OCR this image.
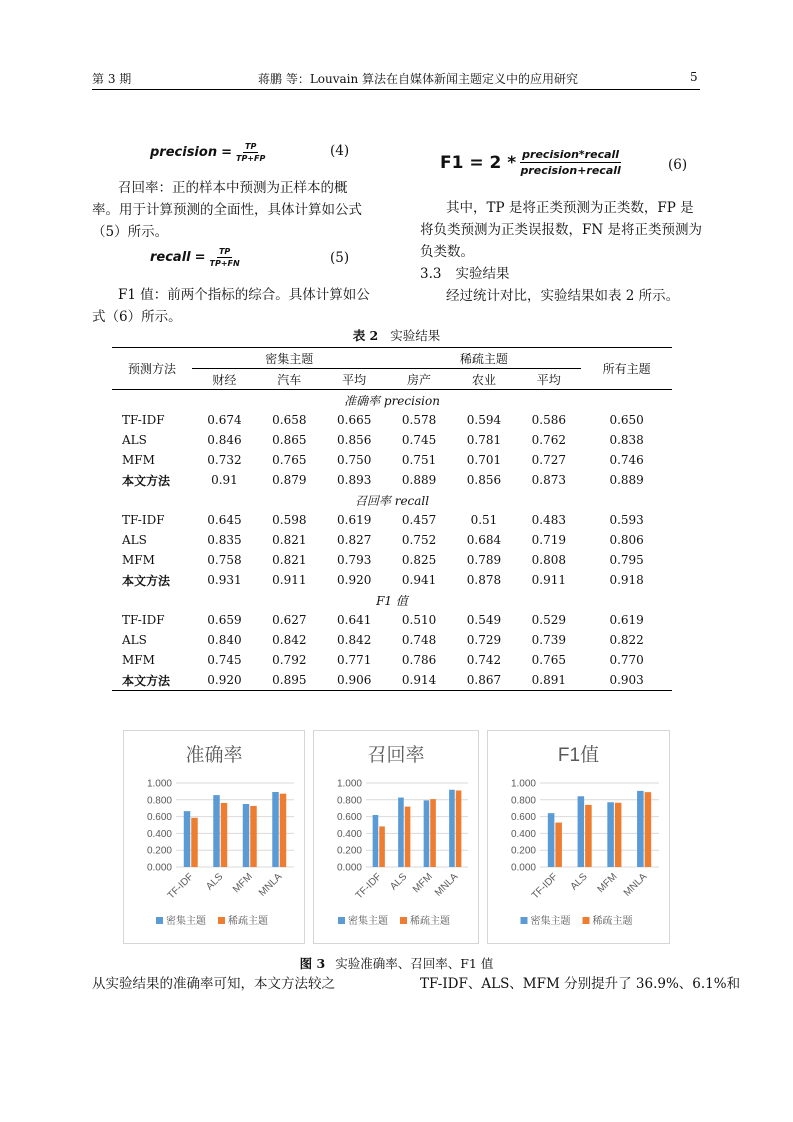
第 3 期	蒋鹏 等：Louvain 算法在自媒体新闻主题定义中的应用研究	5
precision = $\frac{TP}{TP+FP}$	(4)
召回率：正的样本中预测为正样本的概
率。用于计算预测的全面性，具体计算如公式
（5）所示。
recall = $\frac{TP}{TP+FN}$	(5)
F1 值：前两个指标的综合。具体计算如公
式（6）所示。
$F1 = 2 * \frac{\text{precision*recall}}{\text{precision+recall}}$	(6)
其中，TP 是将正类预测为正类数，FP 是
将负类预测为正类误报数，FN 是将正类预测为
负类数。
3.3 实验结果
经过统计对比，实验结果如表 2 所示。
表 2 实验结果
预测方法	密集主题			稀疏主题			所有主题
	财经	汽车	平均	房产	农业	平均	
准确率 precision							
TF-IDF	0.674	0.658	0.665	0.578	0.594	0.586	0.650
ALS	0.846	0.865	0.856	0.745	0.781	0.762	0.838
MFM	0.732	0.765	0.750	0.751	0.701	0.727	0.746
本文方法	0.91	0.879	0.893	0.889	0.856	0.873	0.889
召回率 recall							
TF-IDF	0.645	0.598	0.619	0.457	0.51	0.483	0.593
ALS	0.835	0.821	0.827	0.752	0.684	0.719	0.806
MFM	0.758	0.821	0.793	0.825	0.789	0.808	0.795
本文方法	0.931	0.911	0.920	0.941	0.878	0.911	0.918
F1 值							
TF-IDF	0.659	0.627	0.641	0.510	0.549	0.529	0.619
ALS	0.840	0.842	0.842	0.748	0.729	0.739	0.822
MFM	0.745	0.792	0.771	0.786	0.742	0.765	0.770
本文方法	0.920	0.895	0.906	0.914	0.867	0.891	0.903
准确率
0.000
0.200
0.400
0.600
0.800
1.000
TF-IDF ALS MFM MNLA
密集主题 稀疏主题
召回率
0.000
0.200
0.400
0.600
0.800
1.000
TF-IDF ALS MFM
MNLA
密集主题 稀疏主题
F1值
0.000
0.200
0.400
0.600
0.800
1.000
TF-IDF ALS MFM MNLA
密集主题 稀疏主题
图 3 实验准确率、召回率、F1 值
从实验结果的准确率可知，本文方法较之	TF-IDF、ALS、MFM 分别提升了 36.9%、6.1%和
